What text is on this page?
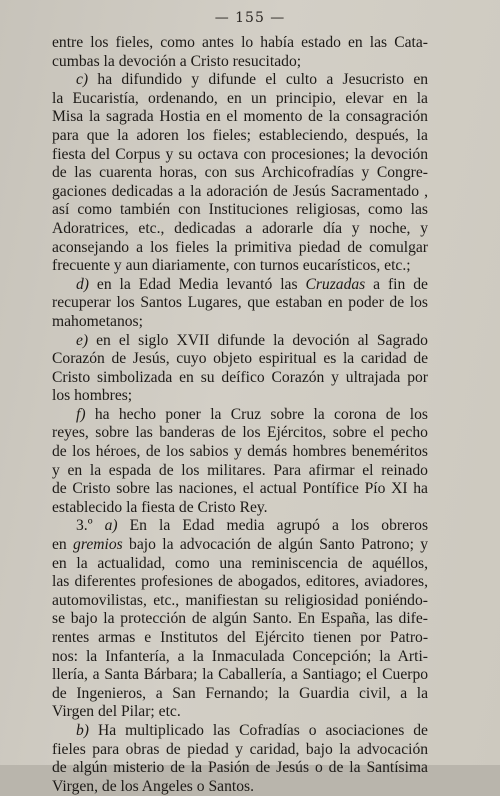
— 155 —
entre los fieles, como antes lo había estado en las Cata-
cumbas la devoción a Cristo resucitado;
c) ha difundido y difunde el culto a Jesucristo en
la Eucaristía, ordenando, en un principio, elevar en la
Misa la sagrada Hostia en el momento de la consagración
para que la adoren los fieles; estableciendo, después, la
fiesta del Corpus y su octava con procesiones; la devoción
de las cuarenta horas, con sus Archicofradías y Congre-
gaciones dedicadas a la adoración de Jesús Sacramentado ,
así como también con Instituciones religiosas, como las
Adoratrices, etc., dedicadas a adorarle día y noche, y
aconsejando a los fieles la primitiva piedad de comulgar
frecuente y aun diariamente, con turnos eucarísticos, etc.;
d) en la Edad Media levantó las Cruzadas a fin de
recuperar los Santos Lugares, que estaban en poder de los
mahometanos;
e) en el siglo XVII difunde la devoción al Sagrado
Corazón de Jesús, cuyo objeto espiritual es la caridad de
Cristo simbolizada en su deífico Corazón y ultrajada por
los hombres;
f) ha hecho poner la Cruz sobre la corona de los
reyes, sobre las banderas de los Ejércitos, sobre el pecho
de los héroes, de los sabios y demás hombres beneméritos
y en la espada de los militares. Para afirmar el reinado
de Cristo sobre las naciones, el actual Pontífice Pío XI ha
establecido la fiesta de Cristo Rey.
3.º a) En la Edad media agrupó a los obreros
en gremios bajo la advocación de algún Santo Patrono; y
en la actualidad, como una reminiscencia de aquéllos,
las diferentes profesiones de abogados, editores, aviadores,
automovilistas, etc., manifiestan su religiosidad poniéndo-
se bajo la protección de algún Santo. En España, las dife-
rentes armas e Institutos del Ejército tienen por Patro-
nos: la Infantería, a la Inmaculada Concepción; la Arti-
llería, a Santa Bárbara; la Caballería, a Santiago; el Cuerpo
de Ingenieros, a San Fernando; la Guardia civil, a la
Virgen del Pilar; etc.
b) Ha multiplicado las Cofradías o asociaciones de
fieles para obras de piedad y caridad, bajo la advocación
de algún misterio de la Pasión de Jesús o de la Santísima
Virgen, de los Angeles o Santos.
